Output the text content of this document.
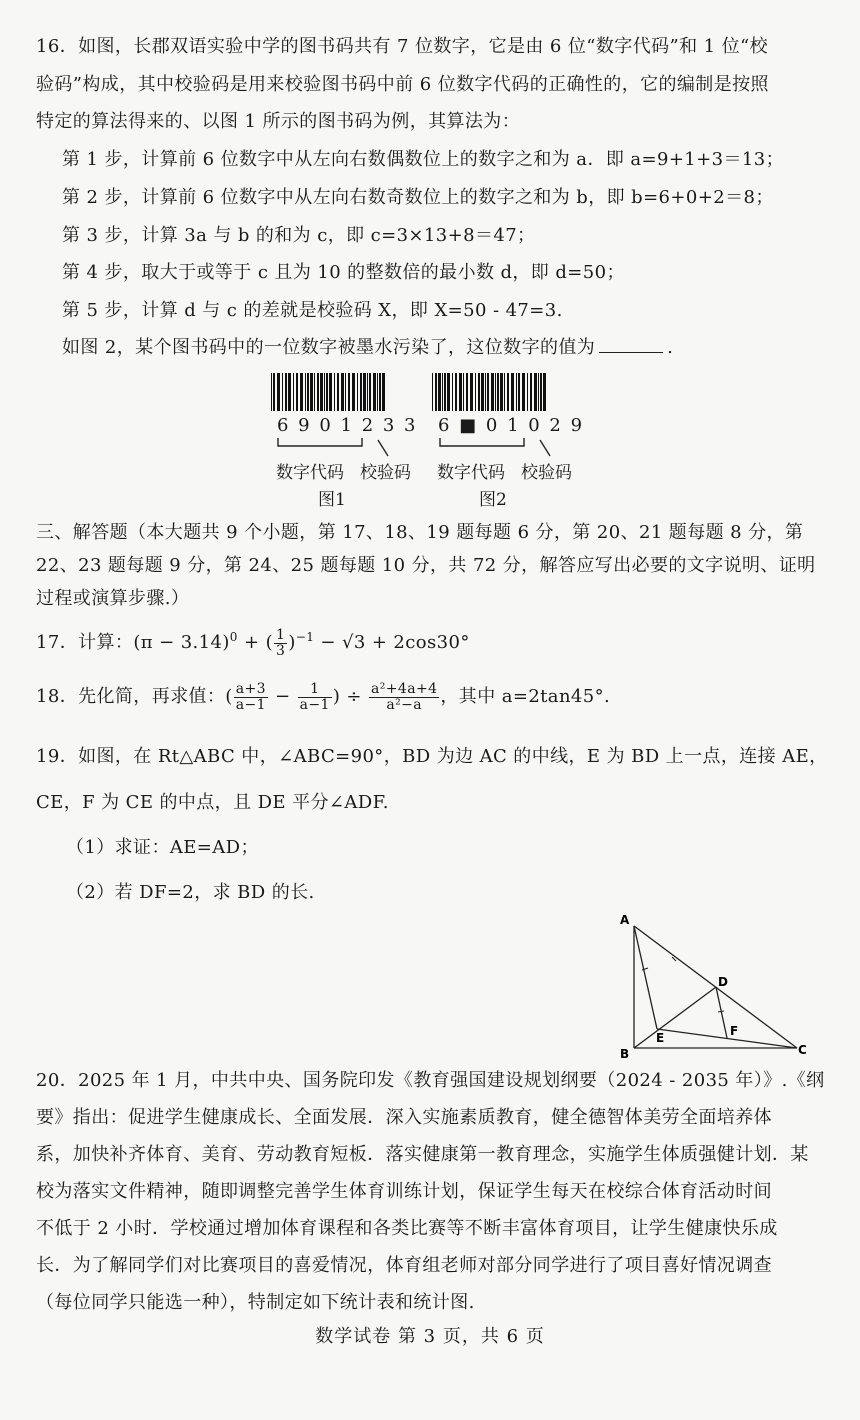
16．如图，长郡双语实验中学的图书码共有 7 位数字，它是由 6 位“数字代码”和 1 位“校
验码”构成，其中校验码是用来校验图书码中前 6 位数字代码的正确性的，它的编制是按照
特定的算法得来的、以图 1 所示的图书码为例，其算法为：
第 1 步，计算前 6 位数字中从左向右数偶数位上的数字之和为 a．即 a=9+1+3＝13；
第 2 步，计算前 6 位数字中从左向右数奇数位上的数字之和为 b，即 b=6+0+2＝8；
第 3 步，计算 3a 与 b 的和为 c，即 c=3×13+8＝47；
第 4 步，取大于或等于 c 且为 10 的整数倍的最小数 d，即 d=50；
第 5 步，计算 d 与 c 的差就是校验码 X，即 X=50 - 47=3.
如图 2，某个图书码中的一位数字被墨水污染了，这位数字的值为	.
6 9 0 1 2 3 3
数字代码 校验码
图1
6 ■ 0 1 0 2 9
数字代码 校验码
图2
三、解答题（本大题共 9 个小题，第 17、18、19 题每题 6 分，第 20、21 题每题 8 分，第
22、23 题每题 9 分，第 24、25 题每题 10 分，共 72 分，解答应写出必要的文字说明、证明
过程或演算步骤.）
17．计算：$(\pi - 3.14)^0$ + ( $\frac{1}{3} )^{-1} - √3 + 2\cos 30^\circ$
18．先化简，再求值：( $\frac{a+3}{a-1} - \frac{1}{a-1}$ ) ÷ $\frac{\text{a²+4a+4}}{\text{a²−a}}$ ，其中 a=2tan45°.
19．如图，在 Rt△ABC 中，∠ABC=90°，BD 为边 AC 的中线，E 为 BD 上一点，连接 AE，
CE，F 为 CE 的中点，且 DE 平分∠ADF.
（1）求证：AE=AD；
（2）若 DF=2，求 BD 的长.
A
B	C
D
E	F
20．2025 年 1 月，中共中央、国务院印发《教育强国建设规划纲要（2024 - 2035 年）》.《纲
要》指出：促进学生健康成长、全面发展．深入实施素质教育，健全德智体美劳全面培养体
系，加快补齐体育、美育、劳动教育短板．落实健康第一教育理念，实施学生体质强健计划．某
校为落实文件精神，随即调整完善学生体育训练计划，保证学生每天在校综合体育活动时间
不低于 2 小时．学校通过增加体育课程和各类比赛等不断丰富体育项目，让学生健康快乐成
长．为了解同学们对比赛项目的喜爱情况，体育组老师对部分同学进行了项目喜好情况调查
（每位同学只能选一种），特制定如下统计表和统计图.
数学试卷 第 3 页，共 6 页
